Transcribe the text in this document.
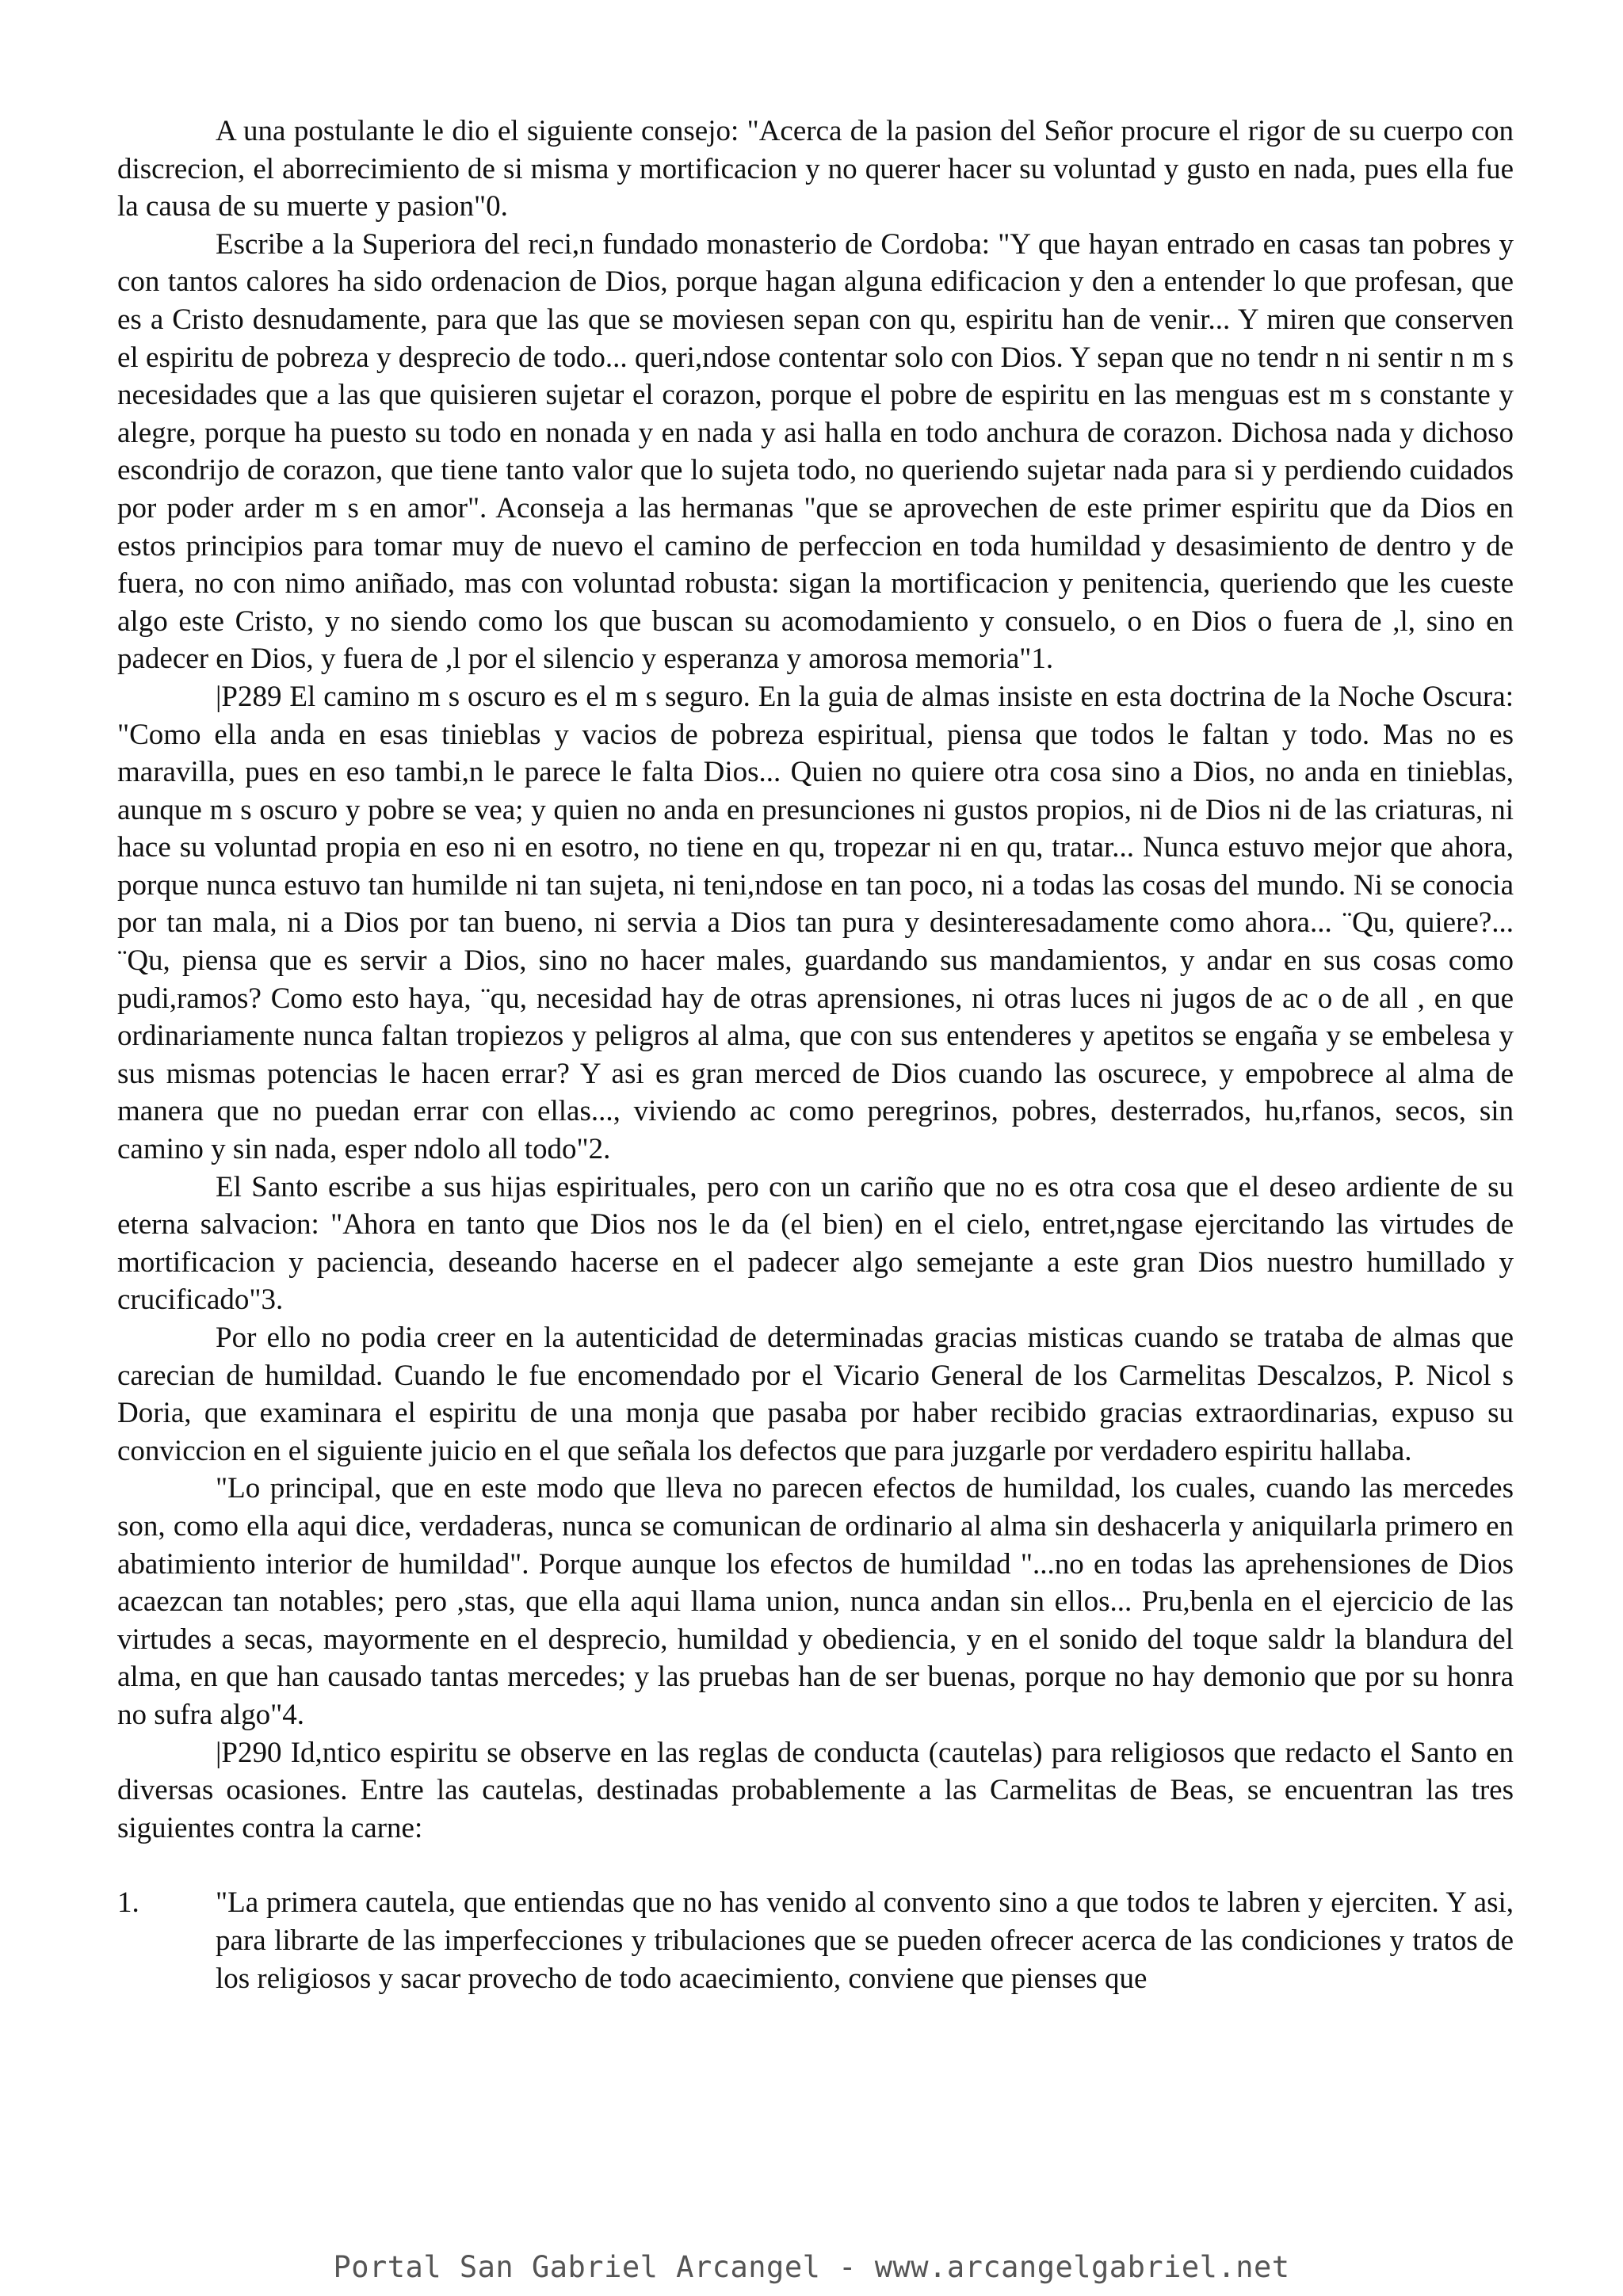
A una postulante le dio el siguiente consejo: "Acerca de la pasion del Señor procure el rigor de su cuerpo con discrecion, el aborrecimiento de si misma y mortificacion y no querer hacer su voluntad y gusto en nada, pues ella fue la causa de su muerte y pasion"0.

Escribe a la Superiora del reci,n fundado monasterio de Cordoba: "Y que hayan entrado en casas tan pobres y con tantos calores ha sido ordenacion de Dios, porque hagan alguna edificacion y den a entender lo que profesan, que es a Cristo desnudamente, para que las que se moviesen sepan con qu, espiritu han de venir... Y miren que conserven el espiritu de pobreza y desprecio de todo... queri,ndose contentar solo con Dios. Y sepan que no tendr n ni sentir n m s necesidades que a las que quisieren sujetar el corazon, porque el pobre de espiritu en las menguas est m s constante y alegre, porque ha puesto su todo en nonada y en nada y asi halla en todo anchura de corazon. Dichosa nada y dichoso escondrijo de corazon, que tiene tanto valor que lo sujeta todo, no queriendo sujetar nada para si y perdiendo cuidados por poder arder m s en amor". Aconseja a las hermanas "que se aprovechen de este primer espiritu que da Dios en estos principios para tomar muy de nuevo el camino de perfeccion en toda humildad y desasimiento de dentro y de fuera, no con nimo aniñado, mas con voluntad robusta: sigan la mortificacion y penitencia, queriendo que les cueste algo este Cristo, y no siendo como los que buscan su acomodamiento y consuelo, o en Dios o fuera de ,l, sino en padecer en Dios, y fuera de ,l por el silencio y esperanza y amorosa memoria"1.

|P289 El camino m s oscuro es el m s seguro. En la guia de almas insiste en esta doctrina de la Noche Oscura: "Como ella anda en esas tinieblas y vacios de pobreza espiritual, piensa que todos le faltan y todo. Mas no es maravilla, pues en eso tambi,n le parece le falta Dios... Quien no quiere otra cosa sino a Dios, no anda en tinieblas, aunque m s oscuro y pobre se vea; y quien no anda en presunciones ni gustos propios, ni de Dios ni de las criaturas, ni hace su voluntad propia en eso ni en esotro, no tiene en qu, tropezar ni en qu, tratar... Nunca estuvo mejor que ahora, porque nunca estuvo tan humilde ni tan sujeta, ni teni,ndose en tan poco, ni a todas las cosas del mundo. Ni se conocia por tan mala, ni a Dios por tan bueno, ni servia a Dios tan pura y desinteresadamente como ahora... ¨Qu, quiere?... ¨Qu, piensa que es servir a Dios, sino no hacer males, guardando sus mandamientos, y andar en sus cosas como pudi,ramos? Como esto haya, ¨qu, necesidad hay de otras aprensiones, ni otras luces ni jugos de ac o de all , en que ordinariamente nunca faltan tropiezos y peligros al alma, que con sus entenderes y apetitos se engaña y se embelesa y sus mismas potencias le hacen errar? Y asi es gran merced de Dios cuando las oscurece, y empobrece al alma de manera que no puedan errar con ellas..., viviendo ac como peregrinos, pobres, desterrados, hu,rfanos, secos, sin camino y sin nada, esper ndolo all todo"2.

El Santo escribe a sus hijas espirituales, pero con un cariño que no es otra cosa que el deseo ardiente de su eterna salvacion: "Ahora en tanto que Dios nos le da (el bien) en el cielo, entret,ngase ejercitando las virtudes de mortificacion y paciencia, deseando hacerse en el padecer algo semejante a este gran Dios nuestro humillado y crucificado"3.

Por ello no podia creer en la autenticidad de determinadas gracias misticas cuando se trataba de almas que carecian de humildad. Cuando le fue encomendado por el Vicario General de los Carmelitas Descalzos, P. Nicol s Doria, que examinara el espiritu de una monja que pasaba por haber recibido gracias extraordinarias, expuso su conviccion en el siguiente juicio en el que señala los defectos que para juzgarle por verdadero espiritu hallaba.

"Lo principal, que en este modo que lleva no parecen efectos de humildad, los cuales, cuando las mercedes son, como ella aqui dice, verdaderas, nunca se comunican de ordinario al alma sin deshacerla y aniquilarla primero en abatimiento interior de humildad". Porque aunque los efectos de humildad "...no en todas las aprehensiones de Dios acaezcan tan notables; pero ,stas, que ella aqui llama union, nunca andan sin ellos... Pru,benla en el ejercicio de las virtudes a secas, mayormente en el desprecio, humildad y obediencia, y en el sonido del toque saldr la blandura del alma, en que han causado tantas mercedes; y las pruebas han de ser buenas, porque no hay demonio que por su honra no sufra algo"4.

|P290 Id,ntico espiritu se observe en las reglas de conducta (cautelas) para religiosos que redacto el Santo en diversas ocasiones. Entre las cautelas, destinadas probablemente a las Carmelitas de Beas, se encuentran las tres siguientes contra la carne:

1.	"La primera cautela, que entiendas que no has venido al convento sino a que todos te labren y ejerciten. Y asi, para librarte de las imperfecciones y tribulaciones que se pueden ofrecer acerca de las condiciones y tratos de los religiosos y sacar provecho de todo acaecimiento, conviene que pienses que
Portal San Gabriel Arcangel - www.arcangelgabriel.net
